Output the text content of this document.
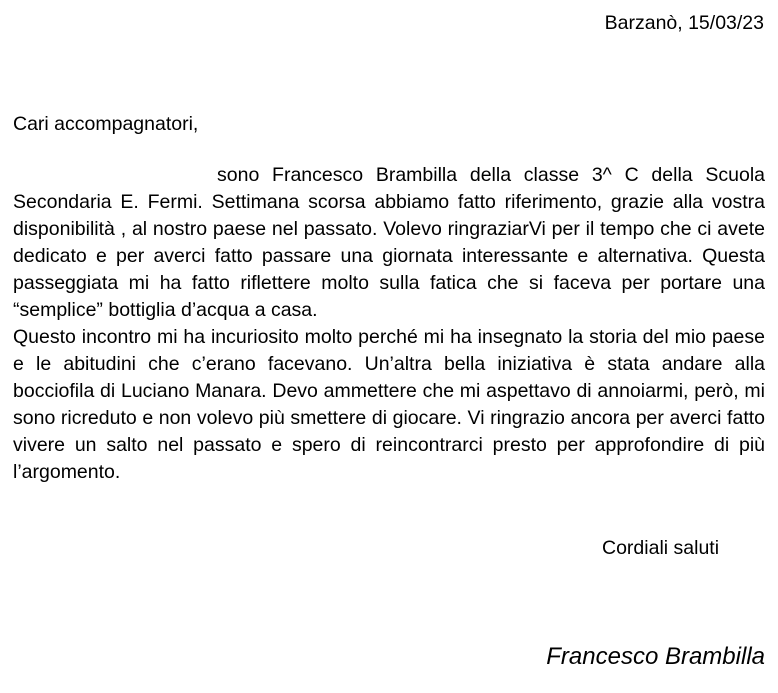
Barzanò, 15/03/23
Cari accompagnatori,

sono Francesco Brambilla della classe 3^ C della Scuola Secondaria E. Fermi. Settimana scorsa abbiamo fatto riferimento, grazie alla vostra disponibilità , al nostro paese nel passato. Volevo ringraziarVi per il tempo che ci avete dedicato e per averci fatto passare una giornata interessante e alternativa. Questa passeggiata mi ha fatto riflettere molto sulla fatica che si faceva per portare una “semplice” bottiglia d’acqua a casa.

Questo incontro mi ha incuriosito molto perché mi ha insegnato la storia del mio paese e le abitudini che c’erano facevano. Un’altra bella iniziativa è stata andare alla bocciofila di Luciano Manara. Devo ammettere che mi aspettavo di annoiarmi, però, mi sono ricreduto e non volevo più smettere di giocare. Vi ringrazio ancora per averci fatto vivere un salto nel passato e spero di reincontrarci presto per approfondire di più l’argomento.

Cordiali saluti
Francesco Brambilla
